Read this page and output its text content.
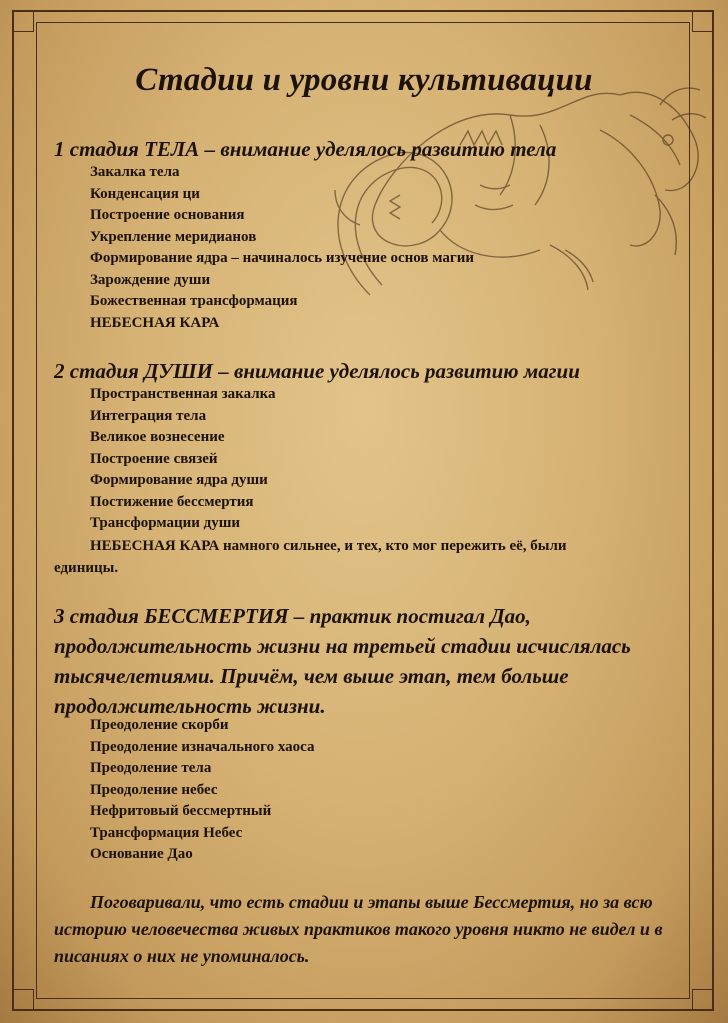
Стадии и уровни культивации
1 стадия ТЕЛА – внимание уделялось развитию тела
Закалка тела
Конденсация ци
Построение основания
Укрепление меридианов
Формирование ядра – начиналось изучение основ магии
Зарождение души
Божественная трансформация
НЕБЕСНАЯ КАРА
2 стадия ДУШИ – внимание уделялось развитию магии
Пространственная закалка
Интеграция тела
Великое вознесение
Построение связей
Формирование ядра души
Постижение бессмертия
Трансформации души

НЕБЕСНАЯ КАРА намного сильнее, и тех, кто мог пережить её, были единицы.

3 стадия БЕССМЕРТИЯ – практик постигал Дао, продолжительность жизни на третьей стадии исчислялась тысячелетиями. Причём, чем выше этап, тем больше продолжительность жизни.
Преодоление скорби
Преодоление изначального хаоса
Преодоление тела
Преодоление небес
Нефритовый бессмертный
Трансформация Небес
Основание Дао

Поговаривали, что есть стадии и этапы выше Бессмертия, но за всю историю человечества живых практиков такого уровня никто не видел и в писаниях о них не упоминалось.
